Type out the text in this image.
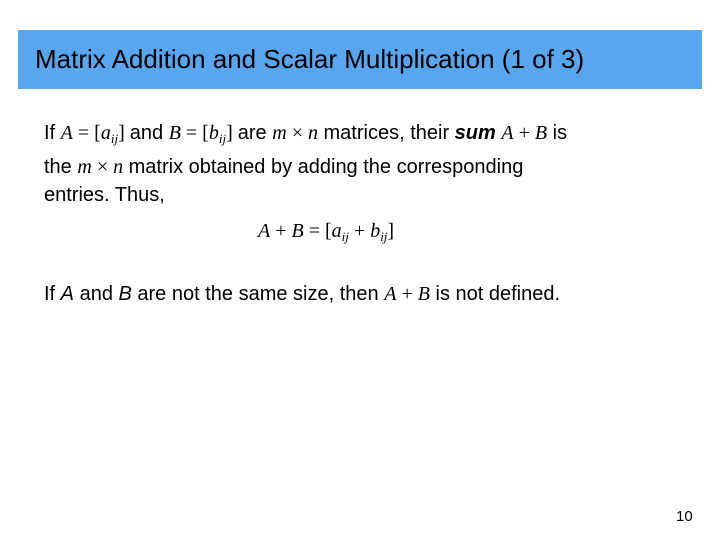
Matrix Addition and Scalar Multiplication (1 of 3)
If $A = [a_{ij}]$ and $B = [b_{ij}]$ are m × n matrices, their sum A + B is
the m × n matrix obtained by adding the corresponding
entries. Thus,
$A + B = [a_{ij} + b_{ij}]$
If A and B are not the same size, then A + B is not defined.
10
